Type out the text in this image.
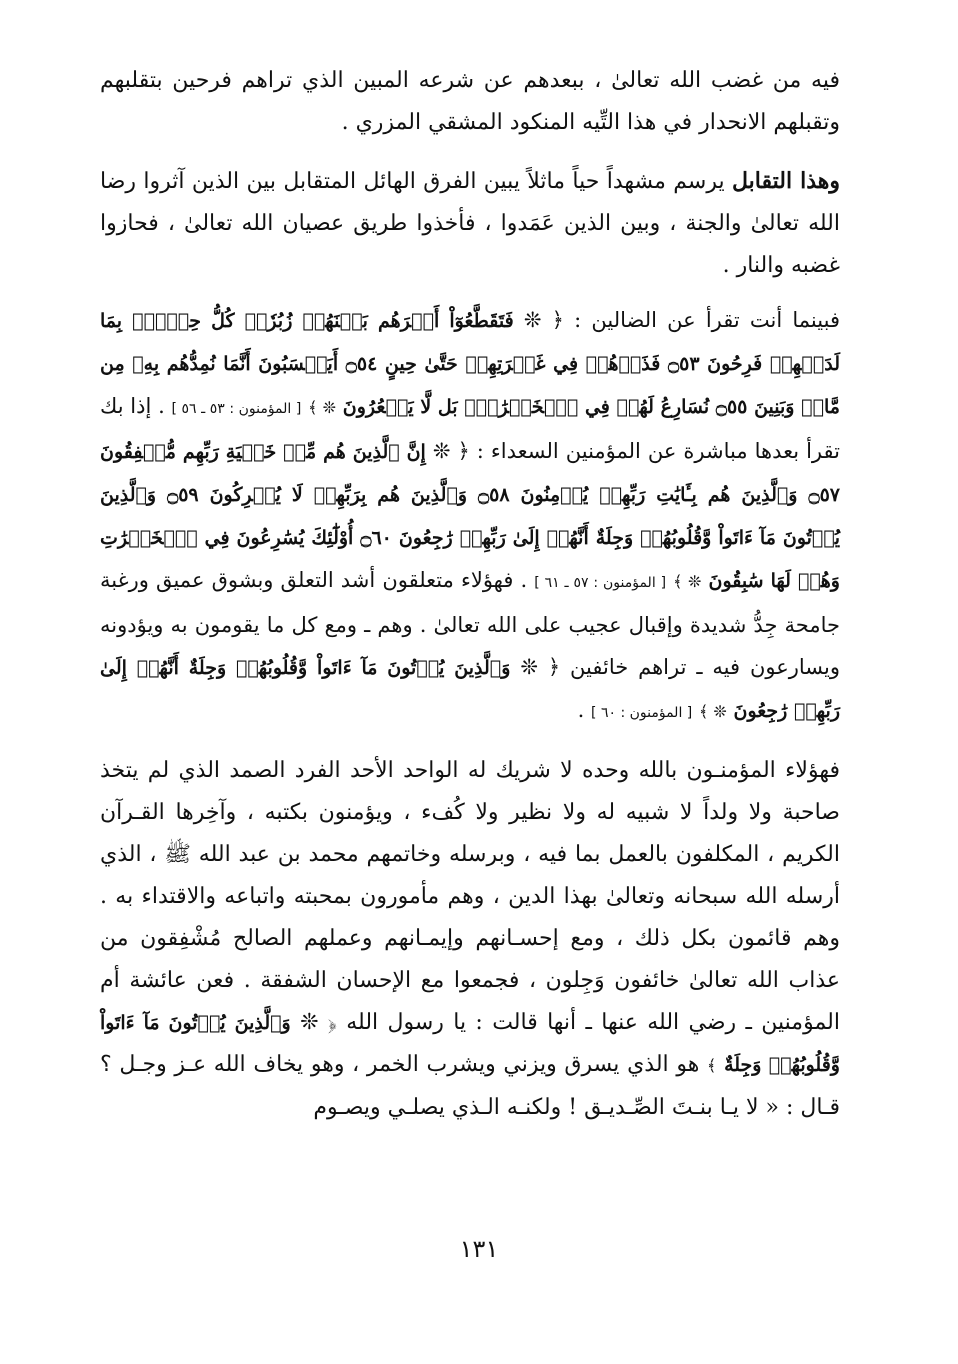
فيه من غضب الله تعالىٰ ، ببعدهم عن شرعه المبين الذي تراهم فرحين بتقلبهم وتقبلهم الانحدار في هذا التِّيه المنكود المشقي المزري .

وهذا التقابل يرسم مشهداً حياً ماثلاً يبين الفرق الهائل المتقابل بين الذين آثروا رضا الله تعالىٰ والجنة ، وبين الذين عَمَدوا ، فأخذوا طريق عصيان الله تعالىٰ ، فحازوا غضبه والنار .

فبينما أنت تقرأ عن الضالين : ﴿ ❊ فَتَقَطَّعُوٓاْ أَمۡرَهُم بَيۡنَهُمۡ زُبُرٗاۖ كُلُّ حِزۡبِۭ بِمَا لَدَيۡهِمۡ فَرِحُونَ ۝٥٣ فَذَرۡهُمۡ فِي غَمۡرَتِهِمۡ حَتَّىٰ حِينٍ ۝٥٤ أَيَحۡسَبُونَ أَنَّمَا نُمِدُّهُم بِهِۦ مِن مَّالٖ وَبَنِينَ ۝٥٥ نُسَارِعُ لَهُمۡ فِي ٱلۡخَيۡرَٰتِۚ بَل لَّا يَشۡعُرُونَ ❊ ﴾ [ المؤمنون : ٥٣ ـ ٥٦ ] . إذا بك تقرأ بعدها مباشرة عن المؤمنين السعداء : ﴿ ❊ إِنَّ ٱلَّذِينَ هُم مِّنۡ خَشۡيَةِ رَبِّهِم مُّشۡفِقُونَ ۝٥٧ وَٱلَّذِينَ هُم بِـَٔايَٰتِ رَبِّهِمۡ يُؤۡمِنُونَ ۝٥٨ وَٱلَّذِينَ هُم بِرَبِّهِمۡ لَا يُشۡرِكُونَ ۝٥٩ وَٱلَّذِينَ يُؤۡتُونَ مَآ ءَاتَواْ وَّقُلُوبُهُمۡ وَجِلَةٌ أَنَّهُمۡ إِلَىٰ رَبِّهِمۡ رَٰجِعُونَ ۝٦٠ أُوْلَٰٓئِكَ يُسَٰرِعُونَ فِي ٱلۡخَيۡرَٰتِ وَهُمۡ لَهَا سَٰبِقُونَ ❊ ﴾ [ المؤمنون : ٥٧ ـ ٦١ ] . فهؤلاء متعلقون أشد التعلق وبشوق عميق ورغبة جامحة جِدُّ شديدة وإقبال عجيب على الله تعالىٰ . وهم ـ ومع كل ما يقومون به ويؤدونه ويسارعون فيه ـ تراهم خائفين ﴿ ❊ وَٱلَّذِينَ يُؤۡتُونَ مَآ ءَاتَواْ وَّقُلُوبُهُمۡ وَجِلَةٌ أَنَّهُمۡ إِلَىٰ رَبِّهِمۡ رَٰجِعُونَ ❊ ﴾ [ المؤمنون : ٦٠ ] .

فهؤلاء المؤمنـون بالله وحده لا شريك له الواحد الأحد الفرد الصمد الذي لم يتخذ صاحبة ولا ولداً لا شبيه له ولا نظير ولا كُفء ، ويؤمنون بكتبه ، وآخِرها القـرآن الكريم ، المكلفون بالعمل بما فيه ، وبرسله وخاتمهم محمد بن عبد الله ﷺ ، الذي أرسله الله سبحانه وتعالىٰ بهذا الدين ، وهم مأمورون بمحبته واتباعه والاقتداء به . وهم قائمون بكل ذلك ، ومع إحسـانهم وإيمـانهم وعملهم الصالح مُشْفِقون من عذاب الله تعالىٰ خائفون وَجِلون ، فجمعوا مع الإحسان الشفقة . فعن عائشة أم المؤمنين ـ رضي الله عنها ـ أنها قالت : يا رسول الله ﴿ ❊ وَٱلَّذِينَ يُؤۡتُونَ مَآ ءَاتَواْ وَّقُلُوبُهُمۡ وَجِلَةٌ ﴾ هو الذي يسرق ويزني ويشرب الخمر ، وهو يخاف الله عـز وجـل ؟ قـال : « لا يـا بنـتَ الصِّـديـق ! ولكنـه الـذي يصلـي ويصـوم

١٣١
